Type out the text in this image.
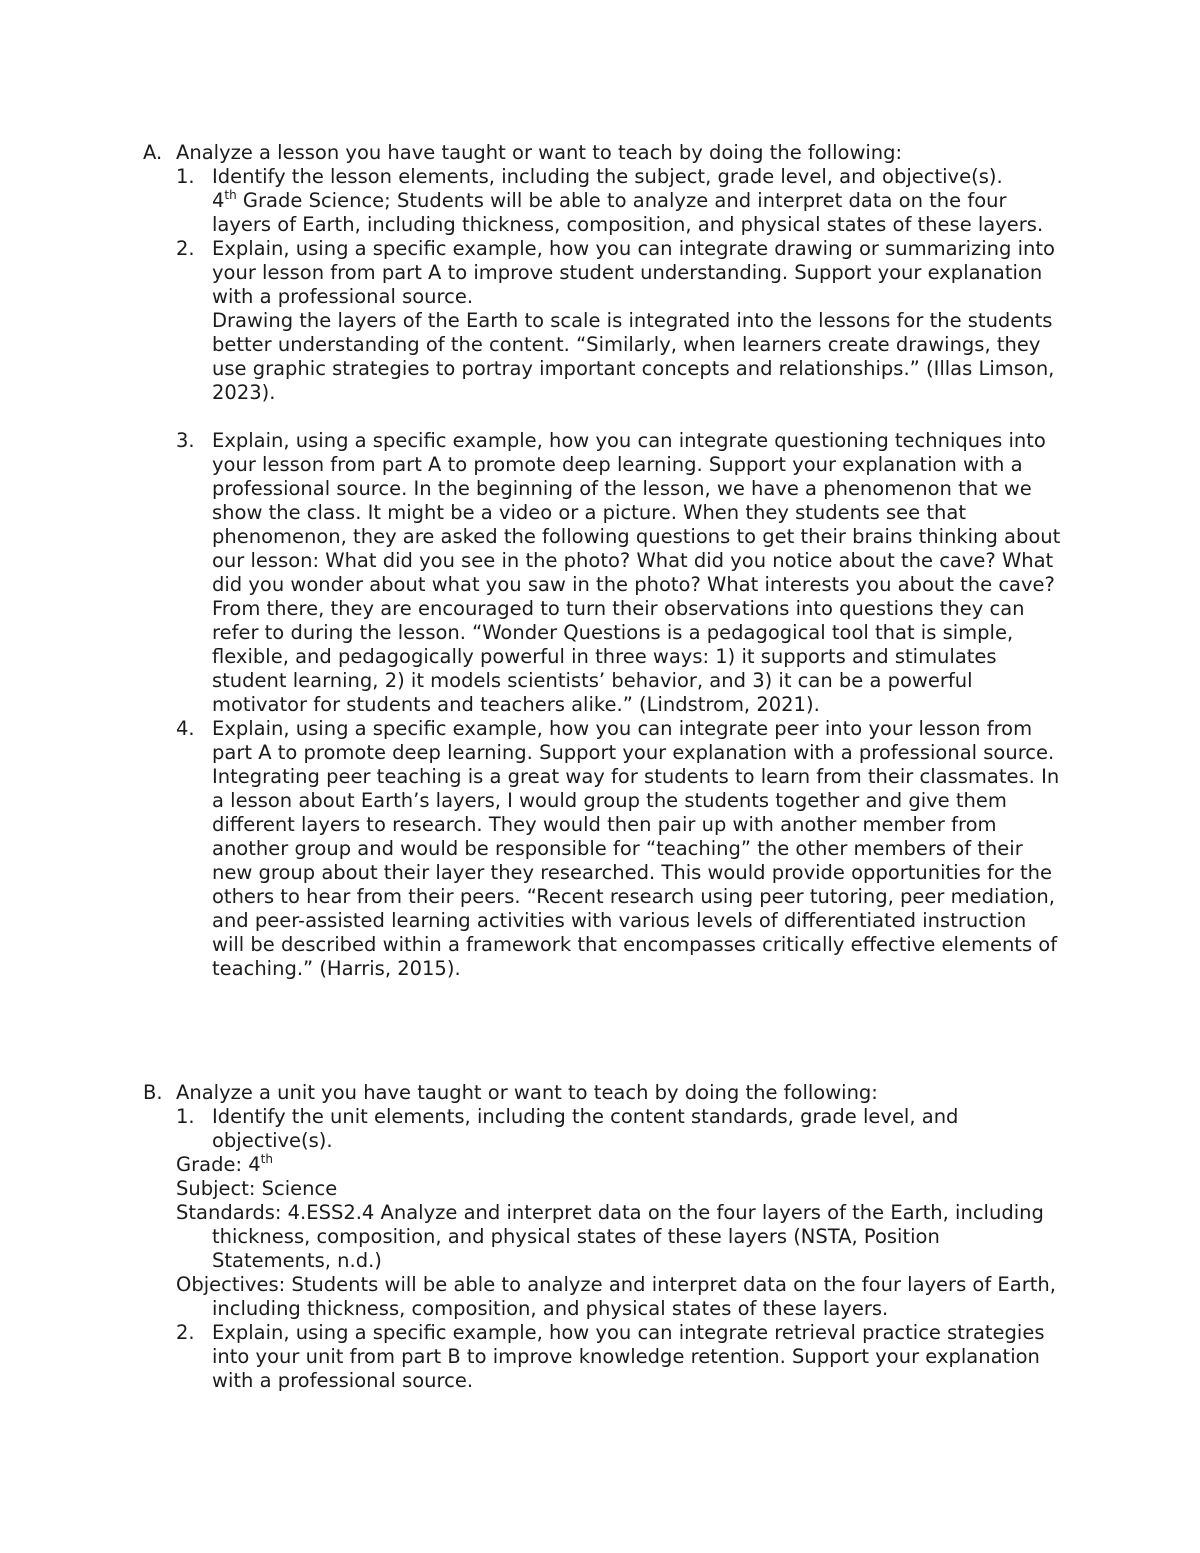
A. Analyze a lesson you have taught or want to teach by doing the following:
1. Identify the lesson elements, including the subject, grade level, and objective(s).
4th Grade Science; Students will be able to analyze and interpret data on the four layers of Earth, including thickness, composition, and physical states of these layers.
2. Explain, using a specific example, how you can integrate drawing or summarizing into your lesson from part A to improve student understanding. Support your explanation with a professional source.
Drawing the layers of the Earth to scale is integrated into the lessons for the students better understanding of the content. “Similarly, when learners create drawings, they use graphic strategies to portray important concepts and relationships.” (Illas Limson, 2023).
3. Explain, using a specific example, how you can integrate questioning techniques into your lesson from part A to promote deep learning. Support your explanation with a professional source. In the beginning of the lesson, we have a phenomenon that we show the class. It might be a video or a picture. When they students see that phenomenon, they are asked the following questions to get their brains thinking about our lesson: What did you see in the photo? What did you notice about the cave? What did you wonder about what you saw in the photo? What interests you about the cave?
From there, they are encouraged to turn their observations into questions they can refer to during the lesson. “Wonder Questions is a pedagogical tool that is simple, flexible, and pedagogically powerful in three ways: 1) it supports and stimulates student learning, 2) it models scientists’ behavior, and 3) it can be a powerful motivator for students and teachers alike.” (Lindstrom, 2021).
4. Explain, using a specific example, how you can integrate peer into your lesson from part A to promote deep learning. Support your explanation with a professional source.
Integrating peer teaching is a great way for students to learn from their classmates. In a lesson about Earth’s layers, I would group the students together and give them different layers to research. They would then pair up with another member from another group and would be responsible for “teaching” the other members of their new group about their layer they researched. This would provide opportunities for the others to hear from their peers. “Recent research using peer tutoring, peer mediation, and peer-assisted learning activities with various levels of differentiated instruction will be described within a framework that encompasses critically effective elements of teaching.” (Harris, 2015).
B. Analyze a unit you have taught or want to teach by doing the following:
1. Identify the unit elements, including the content standards, grade level, and objective(s).
Grade: 4th
Subject: Science
Standards: 4.ESS2.4 Analyze and interpret data on the four layers of the Earth, including thickness, composition, and physical states of these layers (NSTA, Position Statements, n.d.)
Objectives: Students will be able to analyze and interpret data on the four layers of Earth, including thickness, composition, and physical states of these layers.
2. Explain, using a specific example, how you can integrate retrieval practice strategies into your unit from part B to improve knowledge retention. Support your explanation with a professional source.
